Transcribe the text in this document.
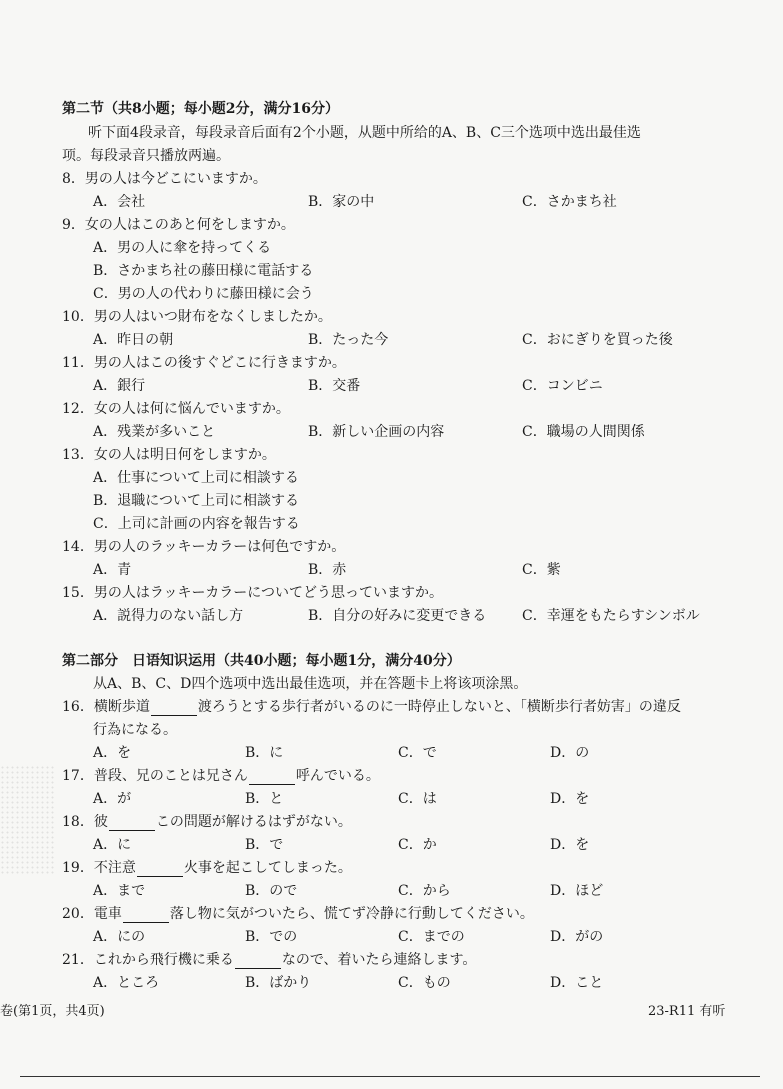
第二节（共8小题；每小题2分，满分16分）
听下面4段录音，每段录音后面有2个小题，从题中所给的A、B、C三个选项中选出最佳选
项。每段录音只播放两遍。
8．男の人は今どこにいますか。
A．会社	B．家の中	C．さかまち社
9．女の人はこのあと何をしますか。
A．男の人に傘を持ってくる
B．さかまち社の藤田様に電話する
C．男の人の代わりに藤田様に会う
10．男の人はいつ財布をなくしましたか。
A．昨日の朝	B．たった今	C．おにぎりを買った後
11．男の人はこの後すぐどこに行きますか。
A．銀行	B．交番	C．コンビニ
12．女の人は何に悩んでいますか。
A．残業が多いこと	B．新しい企画の内容	C．職場の人間関係
13．女の人は明日何をしますか。
A．仕事について上司に相談する
B．退職について上司に相談する
C．上司に計画の内容を報告する
14．男の人のラッキーカラーは何色ですか。
A．青	B．赤	C．紫
15．男の人はラッキーカラーについてどう思っていますか。
A．説得力のない話し方	B．自分の好みに変更できる	C．幸運をもたらすシンボル
第二部分　日语知识运用（共40小题；每小题1分，满分40分）
从A、B、C、D四个选项中选出最佳选项，并在答题卡上将该项涂黑。
16．横断歩道	渡ろうとする歩行者がいるのに一時停止しないと、「横断歩行者妨害」の違反
行為になる。
A．を	B．に	C．で	D．の
17．普段、兄のことは兄さん	呼んでいる。
A．が	B．と	C．は	D．を
18．彼	この問題が解けるはずがない。
A．に	B．で	C．か	D．を
19．不注意	火事を起こしてしまった。
A．まで	B．ので	C．から	D．ほど
20．電車	落し物に気がついたら、慌てず冷静に行動してください。
A．にの	B．での	C．までの	D．がの
21．これから飛行機に乗る	なので、着いたら連絡します。
A．ところ	B．ばかり	C．もの	D．こと
卷(第1页，共4页)	23-R11 有听
